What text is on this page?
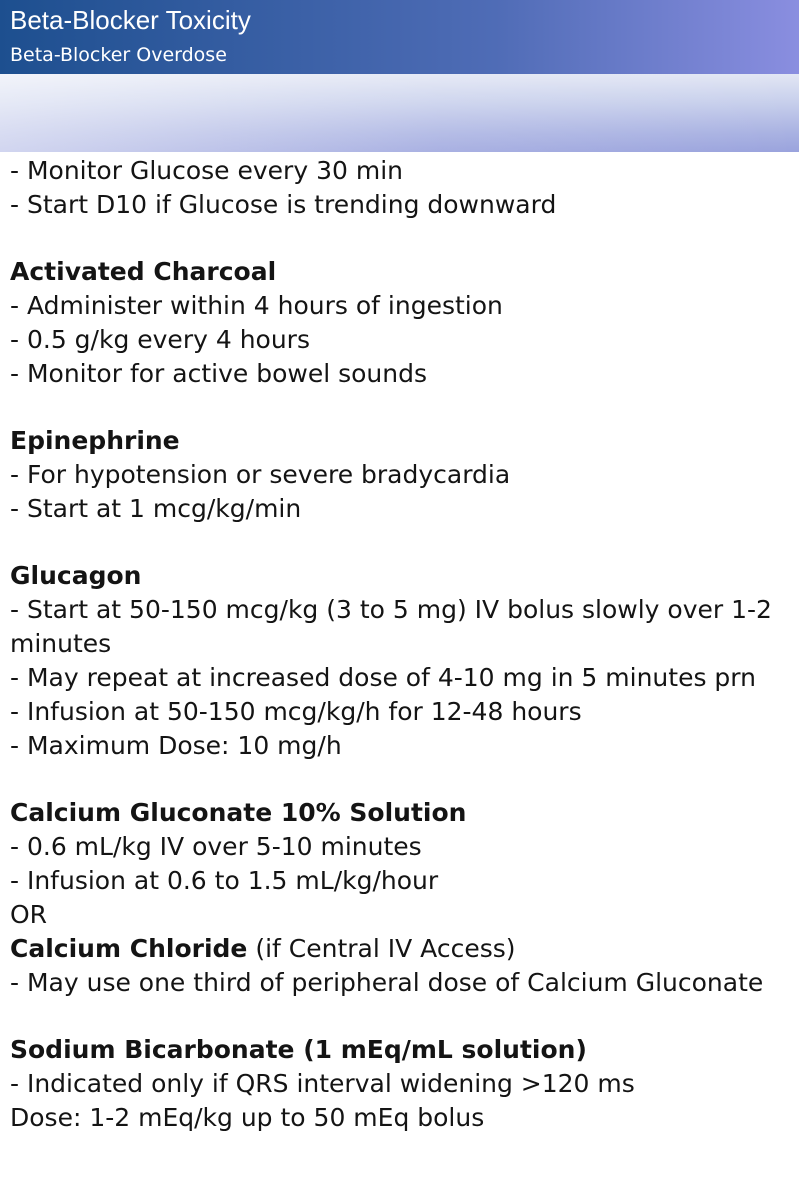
Beta-Blocker Toxicity
Beta-Blocker Overdose
- Monitor Glucose every 30 min
- Start D10 if Glucose is trending downward
Activated Charcoal
- Administer within 4 hours of ingestion
- 0.5 g/kg every 4 hours
- Monitor for active bowel sounds
Epinephrine
- For hypotension or severe bradycardia
- Start at 1 mcg/kg/min
Glucagon
- Start at 50-150 mcg/kg (3 to 5 mg) IV bolus slowly over 1-2 minutes
- May repeat at increased dose of 4-10 mg in 5 minutes prn
- Infusion at 50-150 mcg/kg/h for 12-48 hours
- Maximum Dose: 10 mg/h
Calcium Gluconate 10% Solution
- 0.6 mL/kg IV over 5-10 minutes
- Infusion at 0.6 to 1.5 mL/kg/hour
OR
Calcium Chloride (if Central IV Access)
- May use one third of peripheral dose of Calcium Gluconate
Sodium Bicarbonate (1 mEq/mL solution)
- Indicated only if QRS interval widening >120 ms
Dose: 1-2 mEq/kg up to 50 mEq bolus
